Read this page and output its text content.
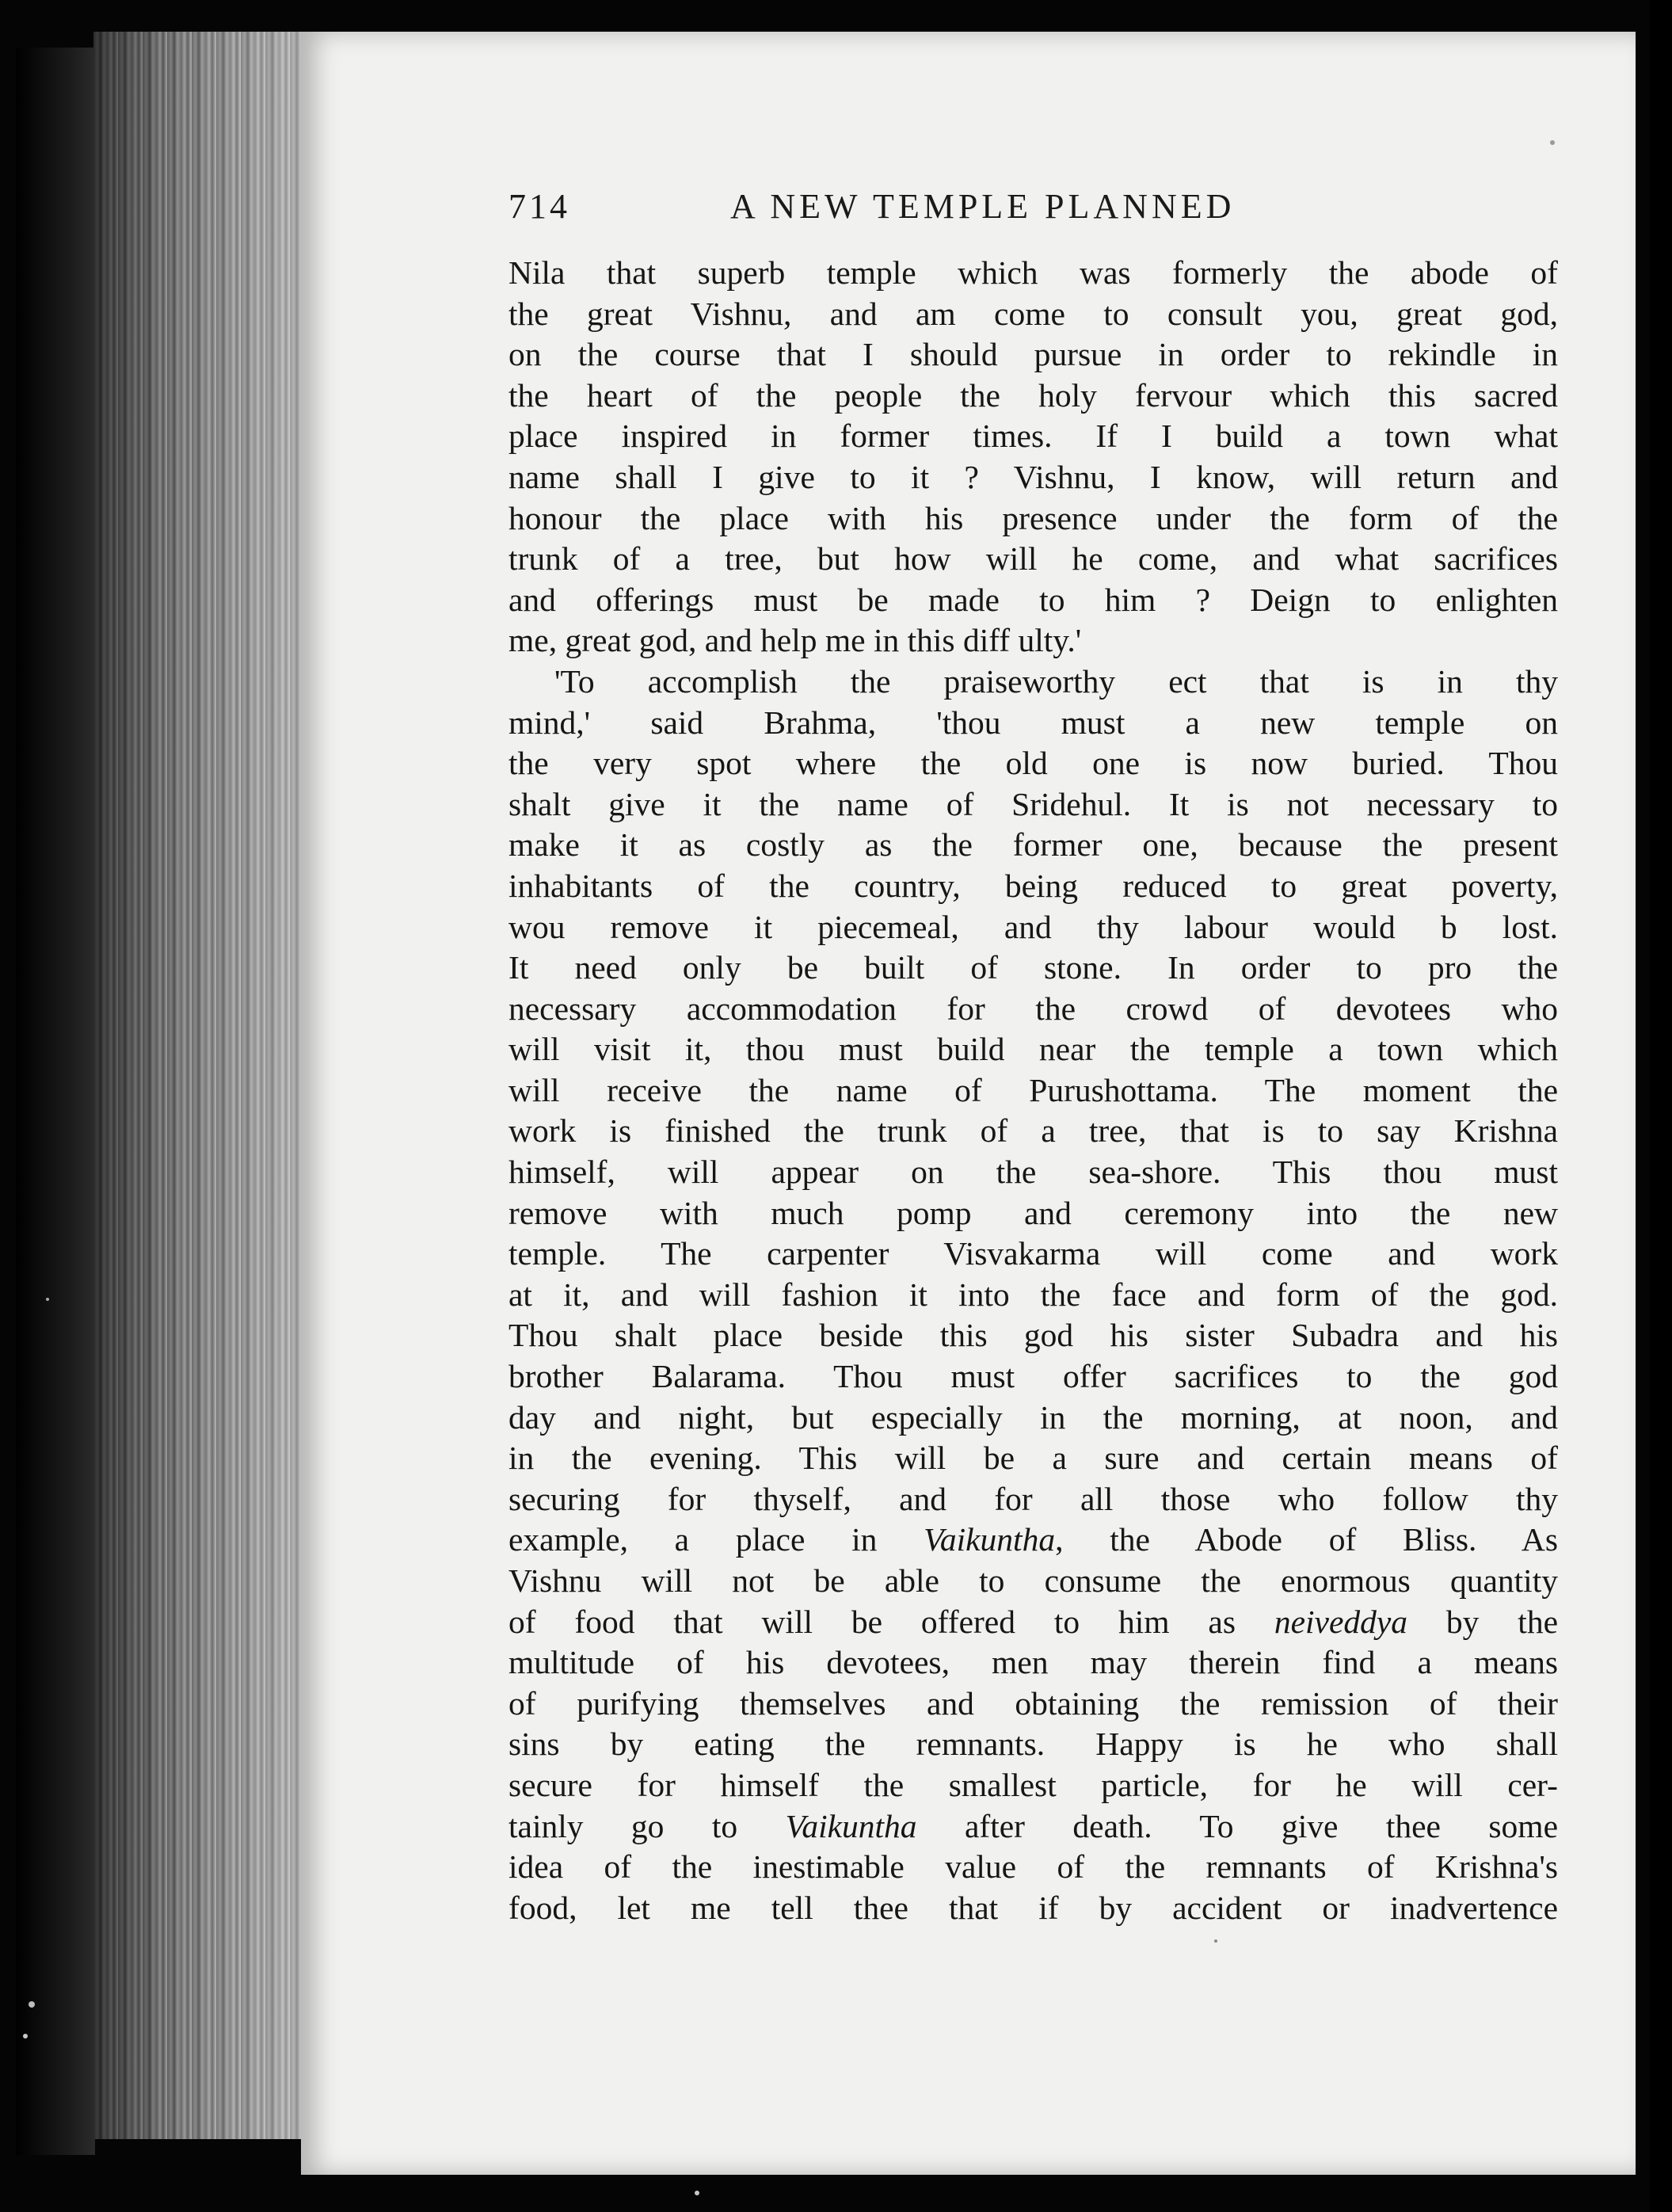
714	A NEW TEMPLE PLANNED
Nila that superb temple which was formerly the abode of
the great Vishnu, and am come to consult you, great god,
on the course that I should pursue in order to rekindle in
the heart of the people the holy fervour which this sacred
place inspired in former times. If I build a town what
name shall I give to it ? Vishnu, I know, will return and
honour the place with his presence under the form of the
trunk of a tree, but how will he come, and what sacrifices
and offerings must be made to him ? Deign to enlighten
me, great god, and help me in this diff ulty.'
'To accomplish the praiseworthy ect that is in thy
mind,' said Brahma, 'thou must a new temple on
the very spot where the old one is now buried. Thou
shalt give it the name of Sridehul. It is not necessary to
make it as costly as the former one, because the present
inhabitants of the country, being reduced to great poverty,
wou remove it piecemeal, and thy labour would b lost.
It need only be built of stone. In order to pro the
necessary accommodation for the crowd of devotees who
will visit it, thou must build near the temple a town which
will receive the name of Purushottama. The moment the
work is finished the trunk of a tree, that is to say Krishna
himself, will appear on the sea-shore. This thou must
remove with much pomp and ceremony into the new
temple. The carpenter Visvakarma will come and work
at it, and will fashion it into the face and form of the god.
Thou shalt place beside this god his sister Subadra and his
brother Balarama. Thou must offer sacrifices to the god
day and night, but especially in the morning, at noon, and
in the evening. This will be a sure and certain means of
securing for thyself, and for all those who follow thy
example, a place in Vaikuntha, the Abode of Bliss. As
Vishnu will not be able to consume the enormous quantity
of food that will be offered to him as neiveddya by the
multitude of his devotees, men may therein find a means
of purifying themselves and obtaining the remission of their
sins by eating the remnants. Happy is he who shall
secure for himself the smallest particle, for he will cer-
tainly go to Vaikuntha after death. To give thee some
idea of the inestimable value of the remnants of Krishna's
food, let me tell thee that if by accident or inadvertence
